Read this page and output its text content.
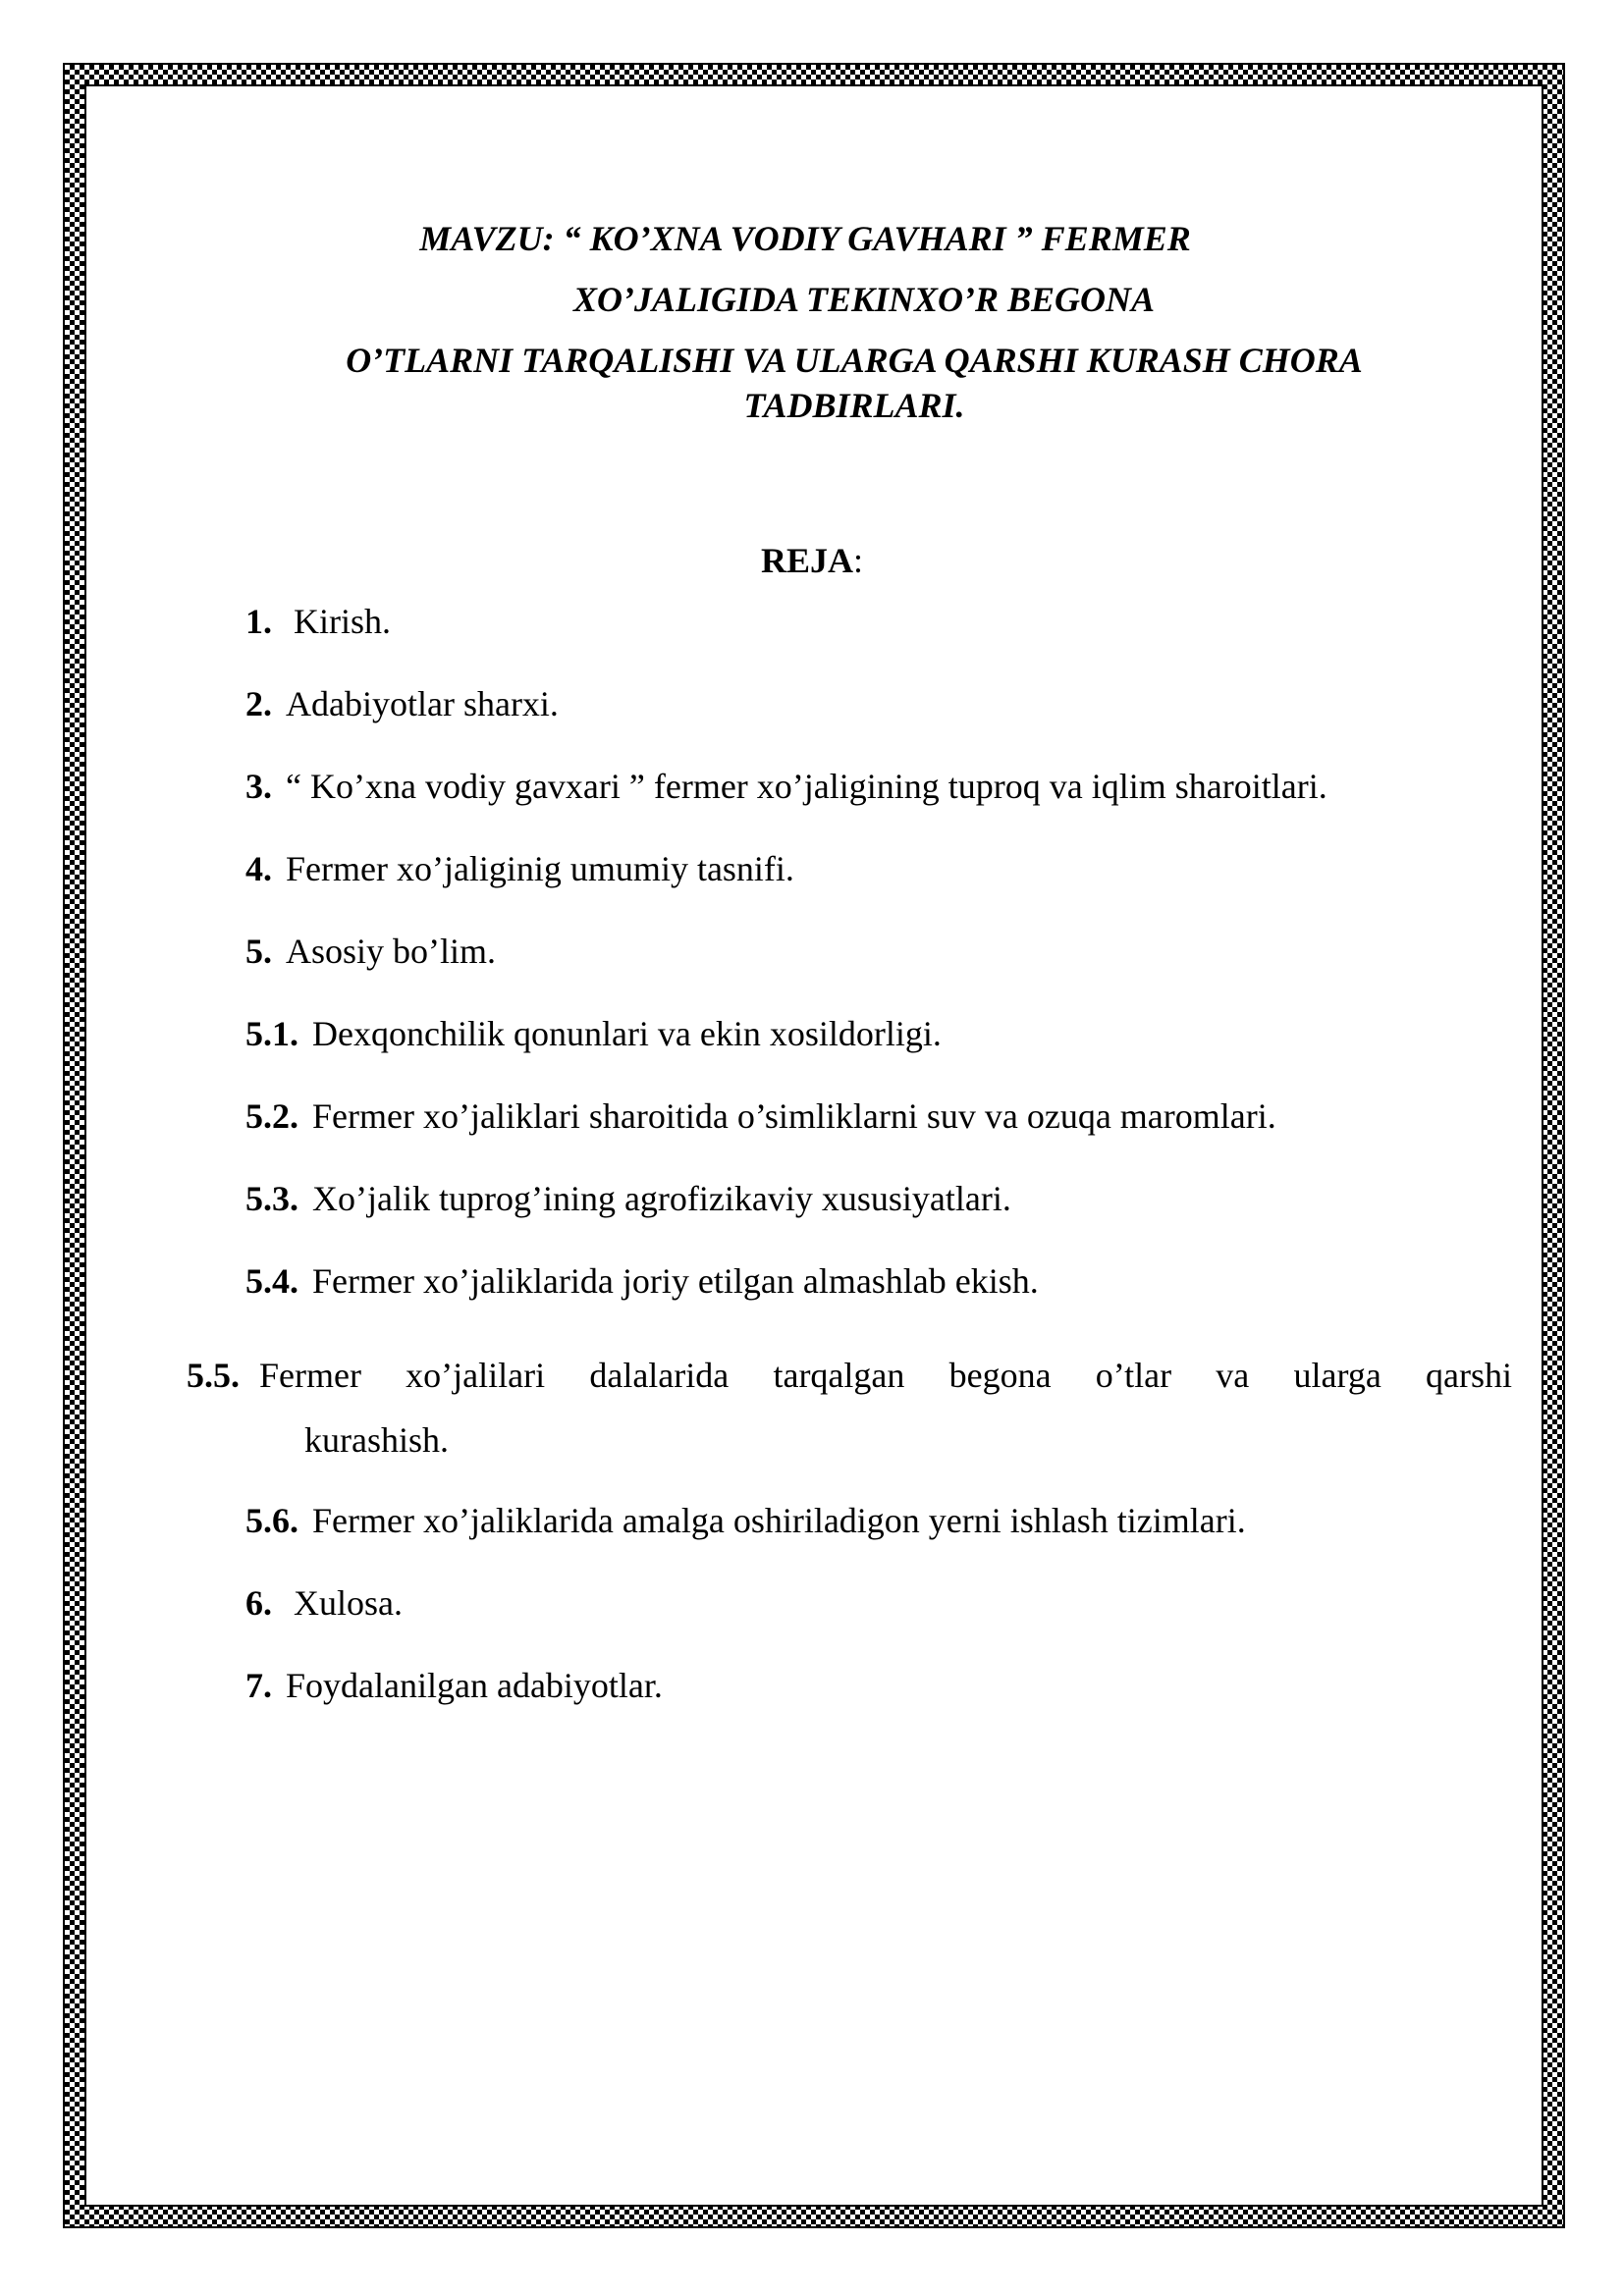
MAVZU: “ KO’XNA VODIY GAVHARI ” FERMER
XO’JALIGIDA TEKINXO’R BEGONA
O’TLARNI TARQALISHI VA ULARGA QARSHI KURASH CHORA
TADBIRLARI.
REJA:
1. Kirish.
2. Adabiyotlar sharxi.
3. “ Ko’xna vodiy gavxari ” fermer xo’jaligining tuproq va iqlim sharoitlari.
4. Fermer xo’jaliginig umumiy tasnifi.
5. Asosiy bo’lim.
5.1. Dexqonchilik qonunlari va ekin xosildorligi.
5.2. Fermer xo’jaliklari sharoitida o’simliklarni suv va ozuqa maromlari.
5.3. Xo’jalik tuprog’ining agrofizikaviy xususiyatlari.
5.4. Fermer xo’jaliklarida joriy etilgan almashlab ekish.
Fermer xo’jalilari dalalarida tarqalgan begona o’tlar va ularga qarshi kurashish.
5.6. Fermer xo’jaliklarida amalga oshiriladigon yerni ishlash tizimlari.
6. Xulosa.
7. Foydalanilgan adabiyotlar.
